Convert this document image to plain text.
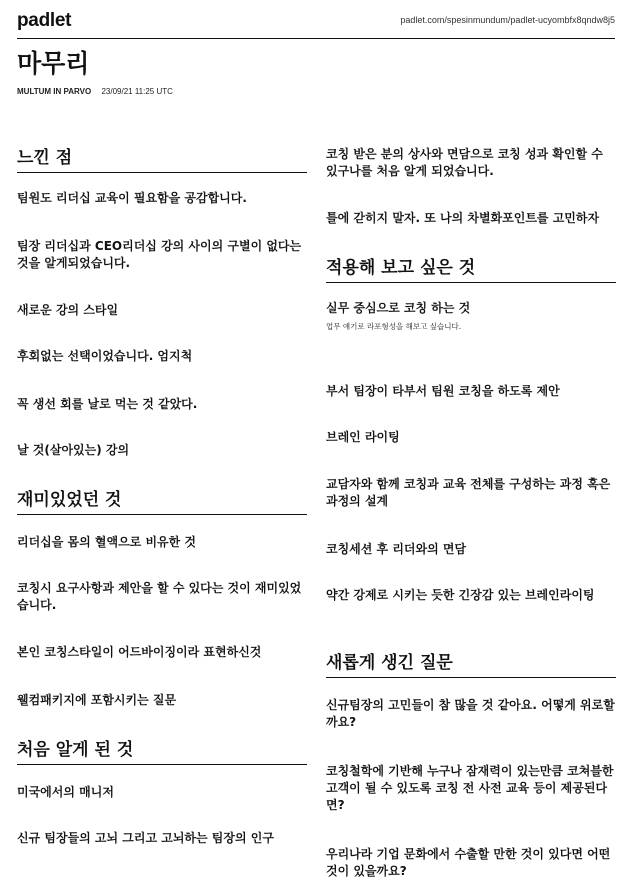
padlet	padlet.com/spesinmundum/padlet-ucyombfx8qndw8j5
마무리
MULTUM IN PARVO 23/09/21 11:25 UTC
느낀 점
팀원도 리더십 교육이 필요함을 공감합니다.
팀장 리더십과 CEO리더십 강의 사이의 구별이 없다는 것을 알게되었습니다.
새로운 강의 스타일
후회없는 선택이었습니다. 엄지척
꼭 생선 회를 날로 먹는 것 같았다.
날 것(살아있는) 강의
재미있었던 것
리더십을 몸의 혈액으로 비유한 것
코칭시 요구사항과 제안을 할 수 있다는 것이 재미있었습니다.
본인 코칭스타일이 어드바이징이라 표현하신것
웰컴패키지에 포함시키는 질문
처음 알게 된 것
미국에서의 매니저
신규 팀장들의 고뇌 그리고 고뇌하는 팀장의 인구
코칭 받은 분의 상사와 면담으로 코칭 성과 확인할 수 있구나를 처음 알게 되었습니다.
틀에 갇히지 말자. 또 나의 차별화포인트를 고민하자
적용해 보고 싶은 것
실무 중심으로 코칭 하는 것
업무 얘기로 라포형성을 해보고 싶습니다.
부서 팀장이 타부서 팀원 코칭을 하도록 제안
브레인 라이팅
교담자와 함께 코칭과 교육 전체를 구성하는 과정 혹은 과정의 설계
코칭세션 후 리더와의 면담
약간 강제로 시키는 듯한 긴장감 있는 브레인라이팅
새롭게 생긴 질문
신규팀장의 고민들이 참 많을 것 같아요. 어떻게 위로할까요?
코칭철학에 기반해 누구나 잠재력이 있는만큼 코쳐블한 고객이 될 수 있도록 코칭 전 사전 교육 등이 제공된다면?
우리나라 기업 문화에서 수출할 만한 것이 있다면 어떤 것이 있을까요?
